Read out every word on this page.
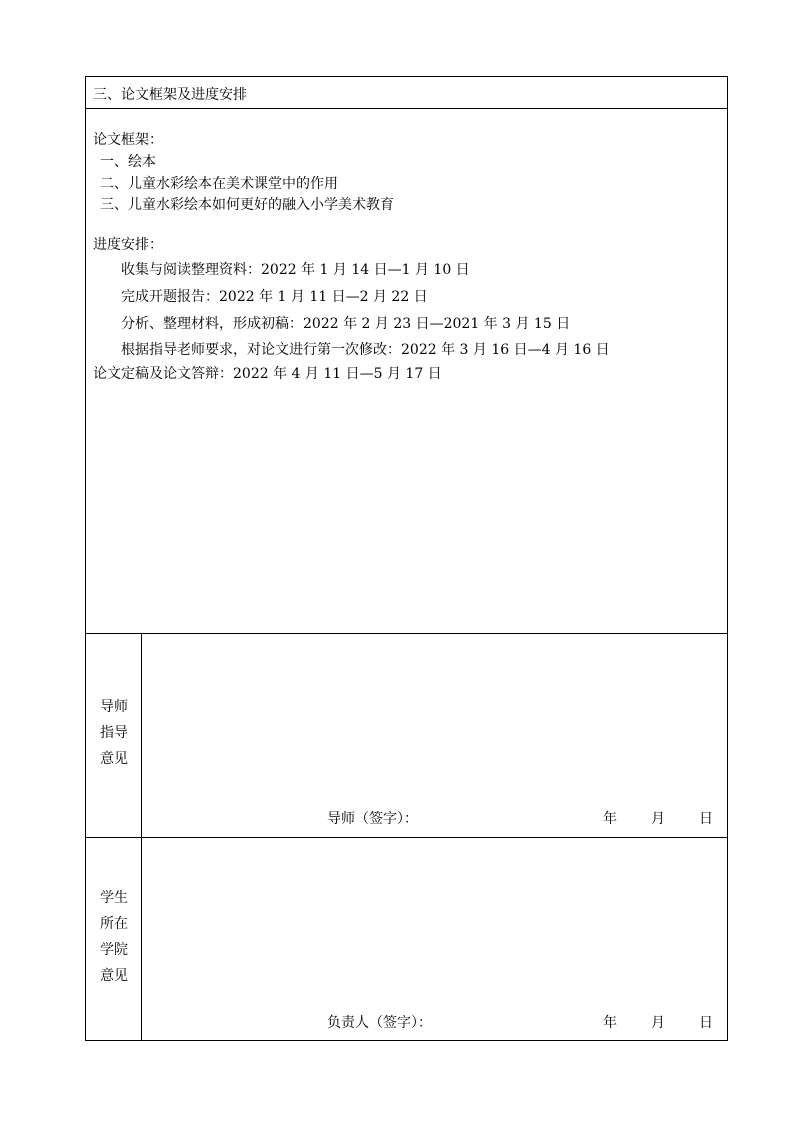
三、论文框架及进度安排
论文框架：
一、绘本
二、儿童水彩绘本在美术课堂中的作用
三、儿童水彩绘本如何更好的融入小学美术教育
进度安排：
收集与阅读整理资料：2022 年 1 月 14 日—1 月 10 日
完成开题报告：2022 年 1 月 11 日—2 月 22 日
分析、整理材料，形成初稿：2022 年 2 月 23 日—2021 年 3 月 15 日
根据指导老师要求，对论文进行第一次修改：2022 年 3 月 16 日—4 月 16 日
论文定稿及论文答辩：2022 年 4 月 11 日—5 月 17 日
导师
指导
意见
导师（签字）：	年 月 日
学生
所在
学院
意见
负责人（签字）：	年 月 日
